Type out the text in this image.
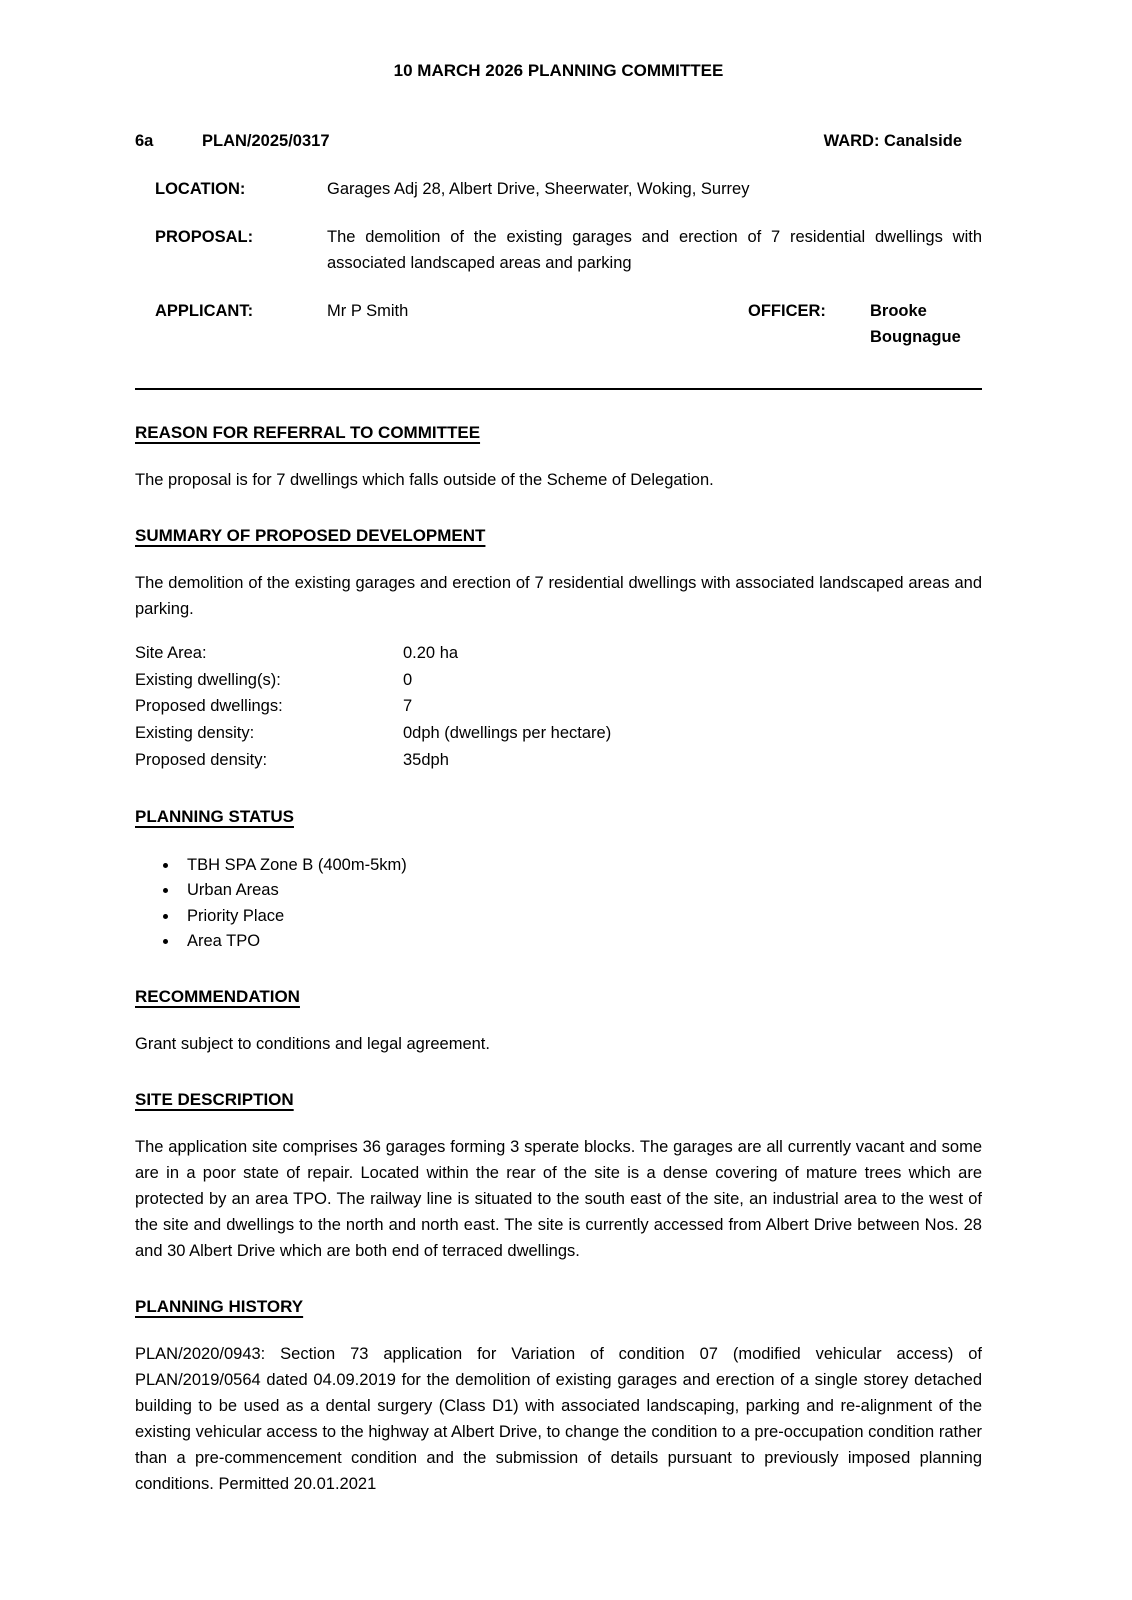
10 MARCH 2026 PLANNING COMMITTEE
6a	PLAN/2025/0317	WARD: Canalside
LOCATION:	Garages Adj 28, Albert Drive, Sheerwater, Woking, Surrey
PROPOSAL:	The demolition of the existing garages and erection of 7 residential dwellings with associated landscaped areas and parking
APPLICANT:	Mr P Smith	OFFICER:	Brooke Bougnague
REASON FOR REFERRAL TO COMMITTEE

The proposal is for 7 dwellings which falls outside of the Scheme of Delegation.

SUMMARY OF PROPOSED DEVELOPMENT

The demolition of the existing garages and erection of 7 residential dwellings with associated landscaped areas and parking.

Site Area:	0.20 ha
Existing dwelling(s):	0
Proposed dwellings:	7
Existing density:	0dph (dwellings per hectare)
Proposed density:	35dph
PLANNING STATUS
• TBH SPA Zone B (400m-5km)
• Urban Areas
• Priority Place
• Area TPO
RECOMMENDATION

Grant subject to conditions and legal agreement.

SITE DESCRIPTION

The application site comprises 36 garages forming 3 sperate blocks. The garages are all currently vacant and some are in a poor state of repair. Located within the rear of the site is a dense covering of mature trees which are protected by an area TPO. The railway line is situated to the south east of the site, an industrial area to the west of the site and dwellings to the north and north east. The site is currently accessed from Albert Drive between Nos. 28 and 30 Albert Drive which are both end of terraced dwellings.

PLANNING HISTORY

PLAN/2020/0943: Section 73 application for Variation of condition 07 (modified vehicular access) of PLAN/2019/0564 dated 04.09.2019 for the demolition of existing garages and erection of a single storey detached building to be used as a dental surgery (Class D1) with associated landscaping, parking and re-alignment of the existing vehicular access to the highway at Albert Drive, to change the condition to a pre-occupation condition rather than a pre-commencement condition and the submission of details pursuant to previously imposed planning conditions. Permitted 20.01.2021
